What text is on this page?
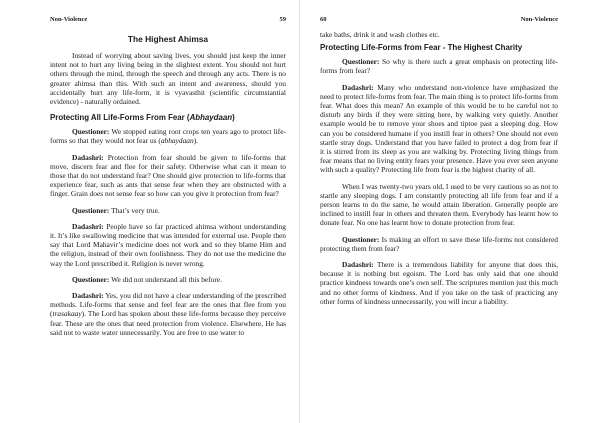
Non-Violence	59
The Highest Ahimsa

Instead of worrying about saving lives, you should just keep the inner intent not to hurt any living being in the slightest extent. You should not hurt others through the mind, through the speech and through any acts. There is no greater ahimsa than this. With such an intent and awareness, should you accidentally hurt any life-form, it is vyavasthit (scientific circumstantial evidence) - naturally ordained.

Protecting All Life-Forms From Fear (Abhaydaan)

Questioner: We stopped eating root crops ten years ago to protect life-forms so that they would not fear us (abhaydaan).

Dadashri: Protection from fear should be given to life-forms that move, discern fear and flee for their safety. Otherwise what can it mean to those that do not understand fear? One should give protection to life-forms that experience fear, such as ants that sense fear when they are obstructed with a finger. Grain does not sense fear so how can you give it protection from fear?

Questioner: That’s very true.

Dadashri: People have so far practiced ahimsa without understanding it. It’s like swallowing medicine that was intended for external use. People then say that Lord Mahavir’s medicine does not work and so they blame Him and the religion, instead of their own foolishness. They do not use the medicine the way the Lord prescribed it. Religion is never wrong.

Questioner: We did not understand all this before.

Dadashri: Yes, you did not have a clear understanding of the prescribed methods. Life-forms that sense and feel fear are the ones that flee from you (trasakaay). The Lord has spoken about these life-forms because they perceive fear. These are the ones that need protection from violence. Elsewhere, He has said not to waste water unnecessarily. You are free to use water to

60	Non-Violence

take baths, drink it and wash clothes etc.

Protecting Life-Forms from Fear - The Highest Charity

Questioner: So why is there such a great emphasis on protecting life-forms from fear?

Dadashri: Many who understand non-violence have emphasized the need to protect life-forms from fear. The main thing is to protect life-forms from fear. What does this mean? An example of this would be to be careful not to disturb any birds if they were sitting here, by walking very quietly. Another example would be to remove your shoes and tiptoe past a sleeping dog. How can you be considered humane if you instill fear in others? One should not even startle stray dogs. Understand that you have failed to protect a dog from fear if it is stirred from its sleep as you are walking by. Protecting living things from fear means that no living entity fears your presence. Have you ever seen anyone with such a quality? Protecting life from fear is the highest charity of all.

When I was twenty-two years old, I used to be very cautious so as not to startle any sleeping dogs. I am constantly protecting all life from fear and if a person learns to do the same, he would attain liberation. Generally people are inclined to instill fear in others and threaten them. Everybody has learnt how to donate fear. No one has learnt how to donate protection from fear.

Questioner: Is making an effort to save these life-forms not considered protecting them from fear?

Dadashri: There is a tremendous liability for anyone that does this, because it is nothing but egoism. The Lord has only said that one should practice kindness towards one’s own self. The scriptures mention just this much and no other forms of kindness. And if you take on the task of practicing any other forms of kindness unnecessarily, you will incur a liability.
